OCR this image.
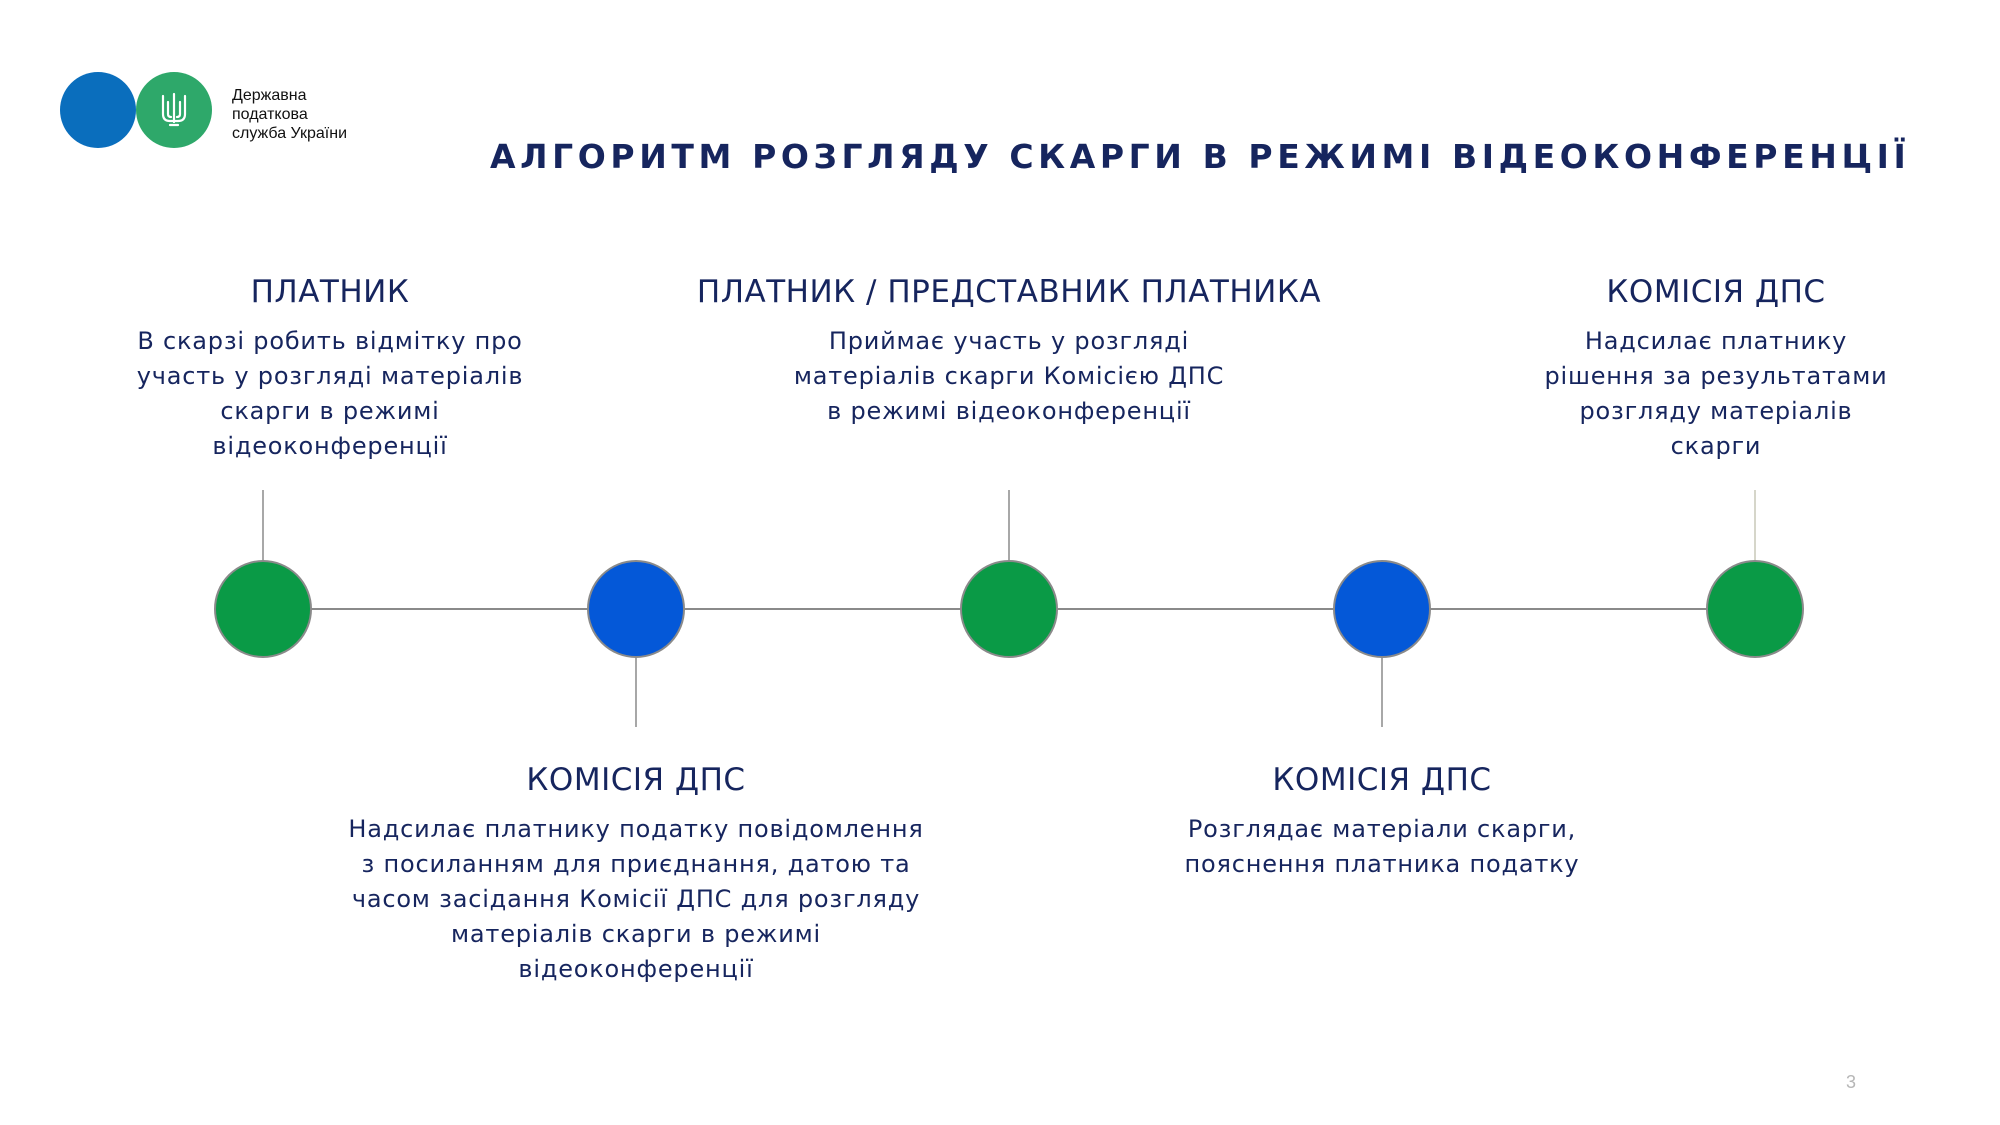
Державна
податкова
служба України
АЛГОРИТМ РОЗГЛЯДУ СКАРГИ В РЕЖИМІ ВІДЕОКОНФЕРЕНЦІЇ
ПЛАТНИК
В скарзі робить відмітку про
участь у розгляді матеріалів
скарги в режимі
відеоконференції
КОМІСІЯ ДПС
Надсилає платнику податку повідомлення
з посиланням для приєднання, датою та
часом засідання Комісії ДПС для розгляду
матеріалів скарги в режимі
відеоконференції
ПЛАТНИК / ПРЕДСТАВНИК ПЛАТНИКА
Приймає участь у розгляді
матеріалів скарги Комісією ДПС
в режимі відеоконференції
КОМІСІЯ ДПС
Розглядає матеріали скарги,
пояснення платника податку
КОМІСІЯ ДПС
Надсилає платнику
рішення за результатами
розгляду матеріалів
скарги
3
